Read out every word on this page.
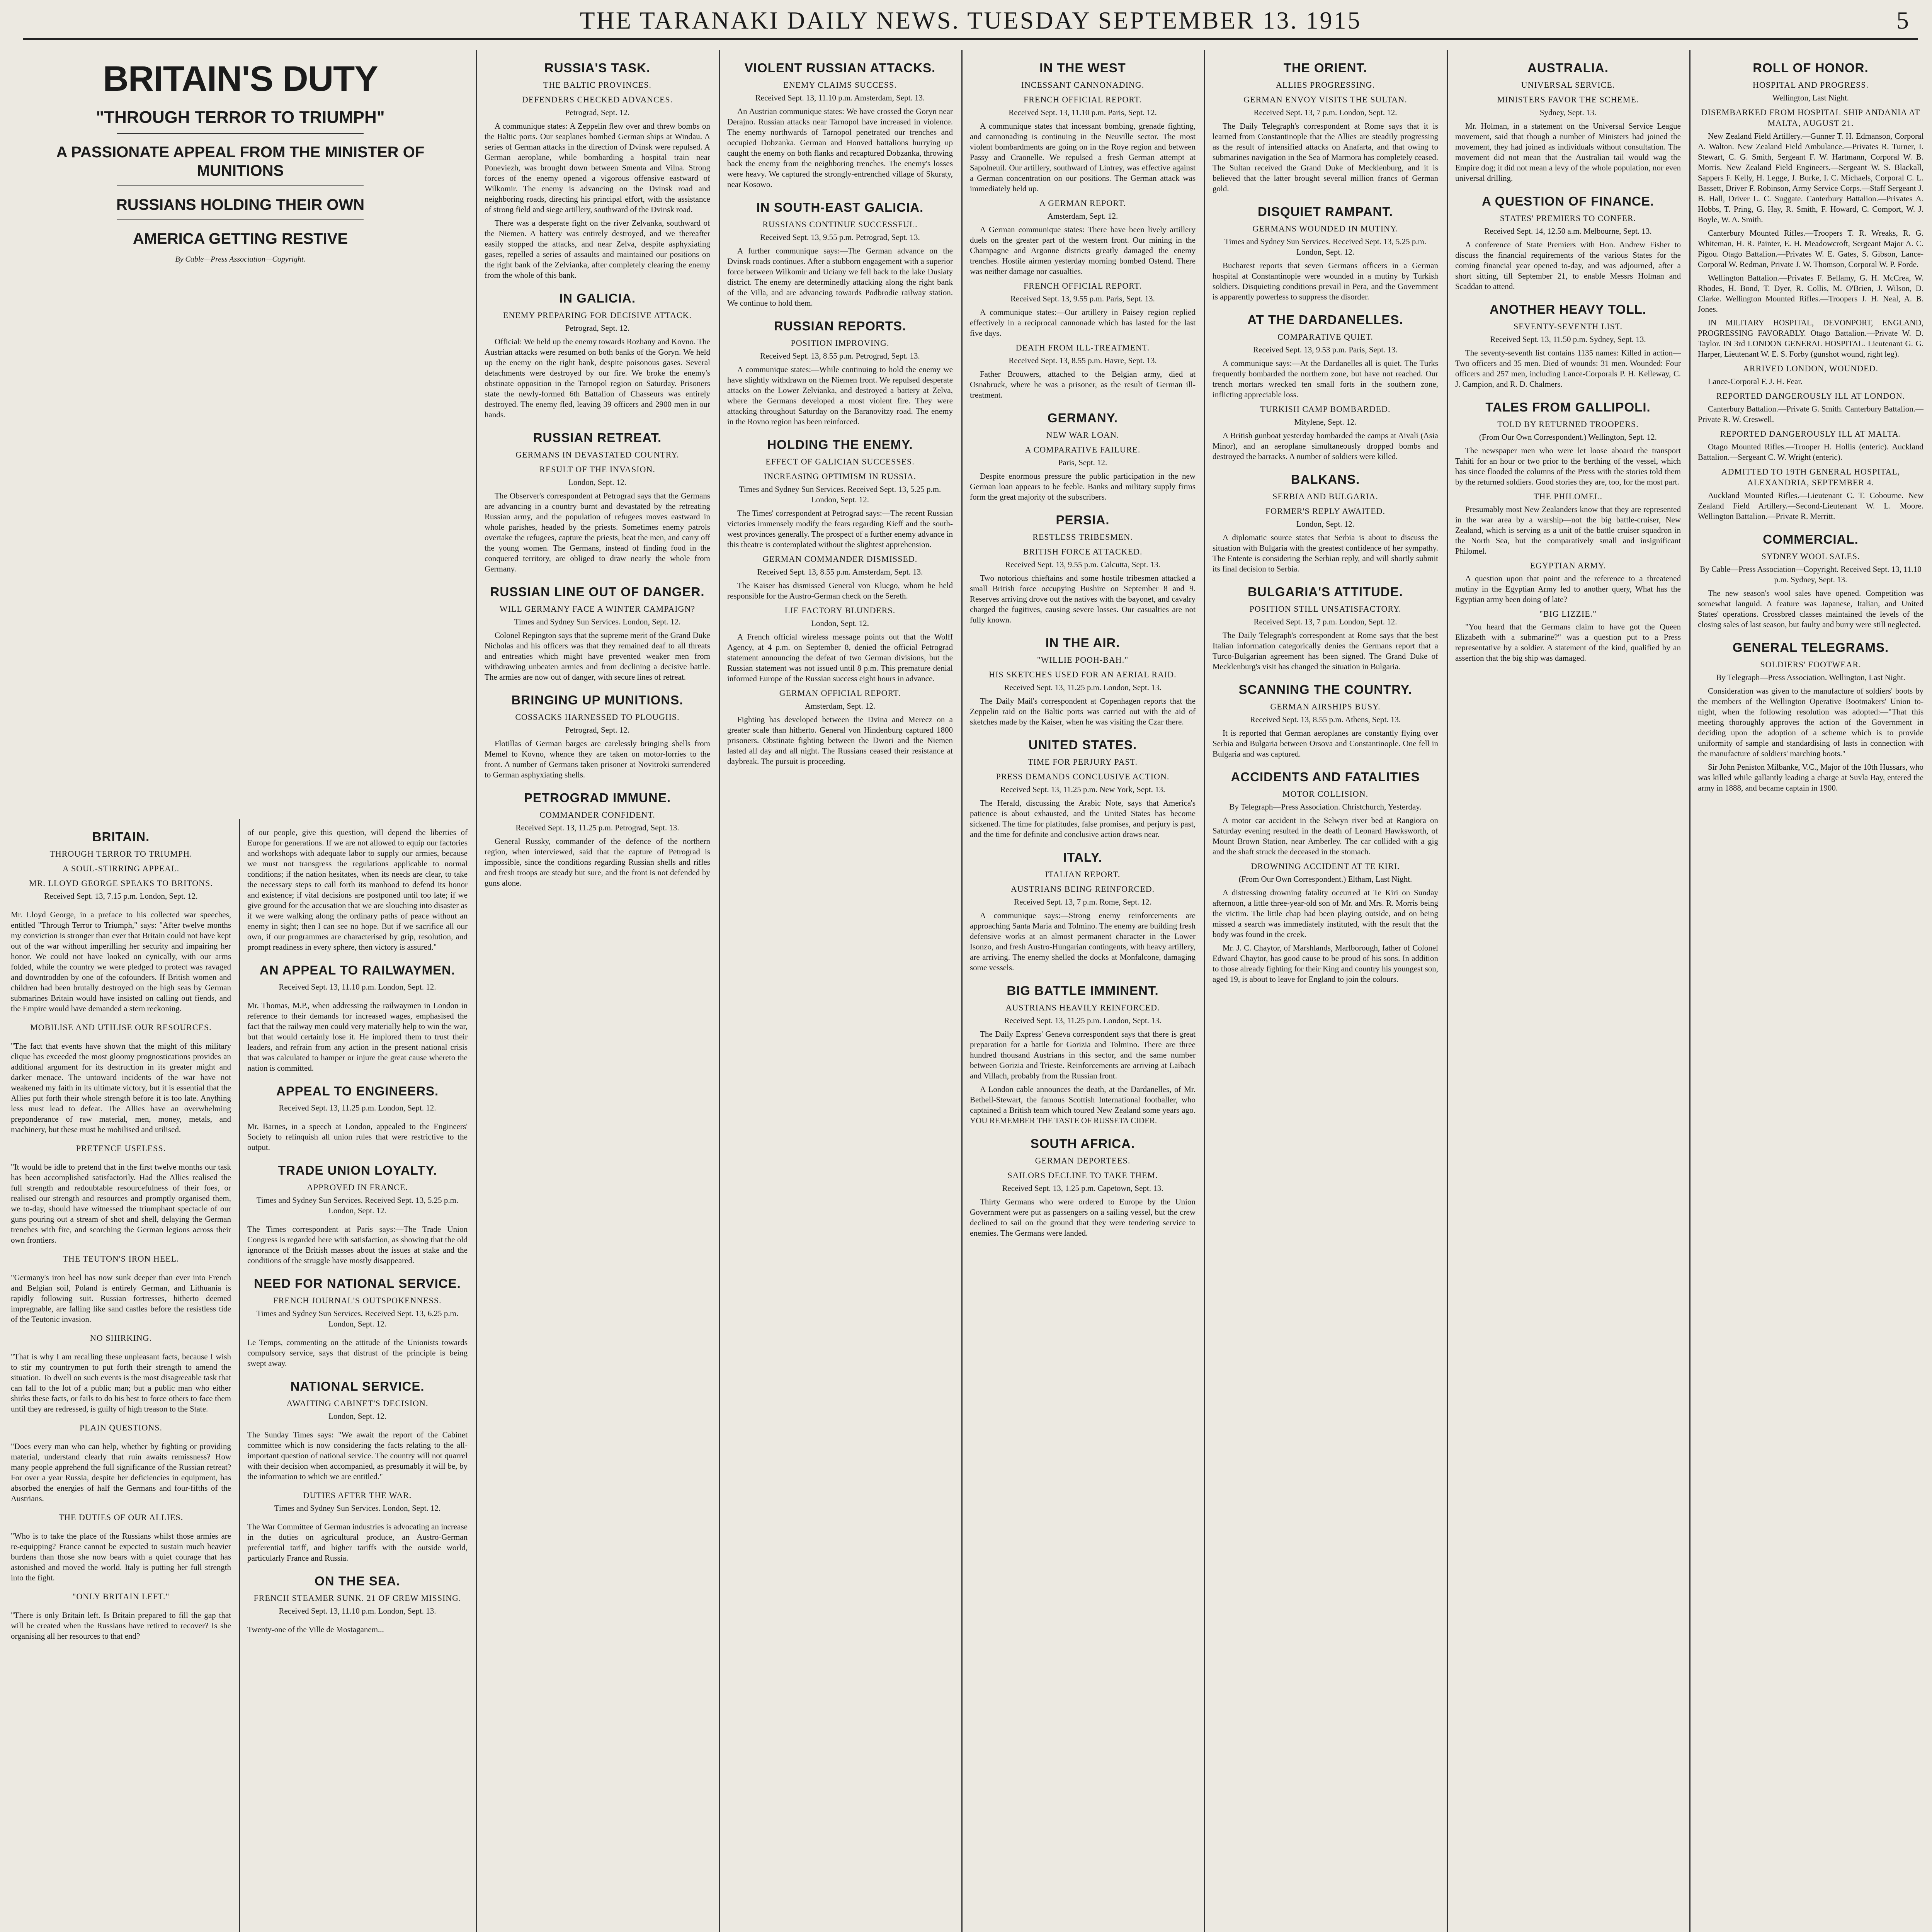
THE TARANAKI DAILY NEWS. TUESDAY SEPTEMBER 13. 1915	5
BRITAIN'S DUTY
"THROUGH TERROR TO TRIUMPH"
A PASSIONATE APPEAL FROM THE MINISTER OF MUNITIONS
RUSSIANS HOLDING THEIR OWN
AMERICA GETTING RESTIVE
By Cable—Press Association—Copyright.
BRITAIN.
THROUGH TERROR TO TRIUMPH.
A SOUL-STIRRING APPEAL.
MR. LLOYD GEORGE SPEAKS TO BRITONS.
Received Sept. 13, 7.15 p.m. London, Sept. 12.

Mr. Lloyd George, in a preface to his collected war speeches, entitled "Through Terror to Triumph," says: "After twelve months my conviction is stronger than ever that Britain could not have kept out of the war without imperilling her security and impairing her honor. We could not have looked on cynically, with our arms folded, while the country we were pledged to protect was ravaged and downtrodden by one of the cofounders. If British women and children had been brutally destroyed on the high seas by German submarines Britain would have insisted on calling out fiends, and the Empire would have demanded a stern reckoning.

MOBILISE AND UTILISE OUR RESOURCES.

"The fact that events have shown that the might of this military clique has exceeded the most gloomy prognostications provides an additional argument for its destruction in its greater might and darker menace. The untoward incidents of the war have not weakened my faith in its ultimate victory, but it is essential that the Allies put forth their whole strength before it is too late. Anything less must lead to defeat. The Allies have an overwhelming preponderance of raw material, men, money, metals, and machinery, but these must be mobilised and utilised.

PRETENCE USELESS.

"It would be idle to pretend that in the first twelve months our task has been accomplished satisfactorily. Had the Allies realised the full strength and redoubtable resourcefulness of their foes, or realised our strength and resources and promptly organised them, we to-day, should have witnessed the triumphant spectacle of our guns pouring out a stream of shot and shell, delaying the German trenches with fire, and scorching the German legions across their own frontiers.

THE TEUTON'S IRON HEEL.

"Germany's iron heel has now sunk deeper than ever into French and Belgian soil, Poland is entirely German, and Lithuania is rapidly following suit. Russian fortresses, hitherto deemed impregnable, are falling like sand castles before the resistless tide of the Teutonic invasion.

NO SHIRKING.

"That is why I am recalling these unpleasant facts, because I wish to stir my countrymen to put forth their strength to amend the situation. To dwell on such events is the most disagreeable task that can fall to the lot of a public man; but a public man who either shirks these facts, or fails to do his best to force others to face them until they are redressed, is guilty of high treason to the State.

PLAIN QUESTIONS.

"Does every man who can help, whether by fighting or providing material, understand clearly that ruin awaits remissness? How many people apprehend the full significance of the Russian retreat? For over a year Russia, despite her deficiencies in equipment, has absorbed the energies of half the Germans and four-fifths of the Austrians.

THE DUTIES OF OUR ALLIES.

"Who is to take the place of the Russians whilst those armies are re-equipping? France cannot be expected to sustain much heavier burdens than those she now bears with a quiet courage that has astonished and moved the world. Italy is putting her full strength into the fight.

"ONLY BRITAIN LEFT."

"There is only Britain left. Is Britain prepared to fill the gap that will be created when the Russians have retired to recover? Is she organising all her resources to that end?

of our people, give this question, will depend the liberties of Europe for generations. If we are not allowed to equip our factories and workshops with adequate labor to supply our armies, because we must not transgress the regulations applicable to normal conditions; if the nation hesitates, when its needs are clear, to take the necessary steps to call forth its manhood to defend its honor and existence; if vital decisions are postponed until too late; if we give ground for the accusation that we are slouching into disaster as if we were walking along the ordinary paths of peace without an enemy in sight; then I can see no hope. But if we sacrifice all our own, if our programmes are characterised by grip, resolution, and prompt readiness in every sphere, then victory is assured."

AN APPEAL TO RAILWAYMEN.
Received Sept. 13, 11.10 p.m. London, Sept. 12.

Mr. Thomas, M.P., when addressing the railwaymen in London in reference to their demands for increased wages, emphasised the fact that the railway men could very materially help to win the war, but that would certainly lose it. He implored them to trust their leaders, and refrain from any action in the present national crisis that was calculated to hamper or injure the great cause whereto the nation is committed.

APPEAL TO ENGINEERS.
Received Sept. 13, 11.25 p.m. London, Sept. 12.

Mr. Barnes, in a speech at London, appealed to the Engineers' Society to relinquish all union rules that were restrictive to the output.

TRADE UNION LOYALTY.
APPROVED IN FRANCE.
Times and Sydney Sun Services. Received Sept. 13, 5.25 p.m. London, Sept. 12.

The Times correspondent at Paris says:—The Trade Union Congress is regarded here with satisfaction, as showing that the old ignorance of the British masses about the issues at stake and the conditions of the struggle have mostly disappeared.

NEED FOR NATIONAL SERVICE.
FRENCH JOURNAL'S OUTSPOKENNESS.
Times and Sydney Sun Services. Received Sept. 13, 6.25 p.m. London, Sept. 12.

Le Temps, commenting on the attitude of the Unionists towards compulsory service, says that distrust of the principle is being swept away.

NATIONAL SERVICE.
AWAITING CABINET'S DECISION.
London, Sept. 12.

The Sunday Times says: "We await the report of the Cabinet committee which is now considering the facts relating to the all-important question of national service. The country will not quarrel with their decision when accompanied, as presumably it will be, by the information to which we are entitled."

DUTIES AFTER THE WAR.
Times and Sydney Sun Services. London, Sept. 12.

The War Committee of German industries is advocating an increase in the duties on agricultural produce, an Austro-German preferential tariff, and higher tariffs with the outside world, particularly France and Russia.

ON THE SEA.
FRENCH STEAMER SUNK. 21 OF CREW MISSING.
Received Sept. 13, 11.10 p.m. London, Sept. 13.

Twenty-one of the Ville de Mostaganem...

RUSSIA'S TASK.
THE BALTIC PROVINCES.
DEFENDERS CHECKED ADVANCES.
Petrograd, Sept. 12.

A communique states: A Zeppelin flew over and threw bombs on the Baltic ports. Our seaplanes bombed German ships at Windau. A series of German attacks in the direction of Dvinsk were repulsed. A German aeroplane, while bombarding a hospital train near Poneviezh, was brought down between Smenta and Vilna. Strong forces of the enemy opened a vigorous offensive eastward of Wilkomir. The enemy is advancing on the Dvinsk road and neighboring roads, directing his principal effort, with the assistance of strong field and siege artillery, southward of the Dvinsk road.

There was a desperate fight on the river Zelvanka, southward of the Niemen. A battery was entirely destroyed, and we thereafter easily stopped the attacks, and near Zelva, despite asphyxiating gases, repelled a series of assaults and maintained our positions on the right bank of the Zelvianka, after completely clearing the enemy from the whole of this bank.

IN GALICIA.
ENEMY PREPARING FOR DECISIVE ATTACK.
Petrograd, Sept. 12.

Official: We held up the enemy towards Rozhany and Kovno. The Austrian attacks were resumed on both banks of the Goryn. We held up the enemy on the right bank, despite poisonous gases. Several detachments were destroyed by our fire. We broke the enemy's obstinate opposition in the Tarnopol region on Saturday. Prisoners state the newly-formed 6th Battalion of Chasseurs was entirely destroyed. The enemy fled, leaving 39 officers and 2900 men in our hands.

RUSSIAN RETREAT.
GERMANS IN DEVASTATED COUNTRY.
RESULT OF THE INVASION.
London, Sept. 12.

The Observer's correspondent at Petrograd says that the Germans are advancing in a country burnt and devastated by the retreating Russian army, and the population of refugees moves eastward in whole parishes, headed by the priests. Sometimes enemy patrols overtake the refugees, capture the priests, beat the men, and carry off the young women. The Germans, instead of finding food in the conquered territory, are obliged to draw nearly the whole from Germany.

RUSSIAN LINE OUT OF DANGER.
WILL GERMANY FACE A WINTER CAMPAIGN?
Times and Sydney Sun Services. London, Sept. 12.

Colonel Repington says that the supreme merit of the Grand Duke Nicholas and his officers was that they remained deaf to all threats and entreaties which might have prevented weaker men from withdrawing unbeaten armies and from declining a decisive battle. The armies are now out of danger, with secure lines of retreat.

BRINGING UP MUNITIONS.
COSSACKS HARNESSED TO PLOUGHS.
Petrograd, Sept. 12.

Flotillas of German barges are carelessly bringing shells from Memel to Kovno, whence they are taken on motor-lorries to the front. A number of Germans taken prisoner at Novitroki surrendered to German asphyxiating shells.

PETROGRAD IMMUNE.
COMMANDER CONFIDENT.
Received Sept. 13, 11.25 p.m. Petrograd, Sept. 13.

General Russky, commander of the defence of the northern region, when interviewed, said that the capture of Petrograd is impossible, since the conditions regarding Russian shells and rifles and fresh troops are steady but sure, and the front is not defended by guns alone.

VIOLENT RUSSIAN ATTACKS.
ENEMY CLAIMS SUCCESS.
Received Sept. 13, 11.10 p.m. Amsterdam, Sept. 13.

An Austrian communique states: We have crossed the Goryn near Derajno. Russian attacks near Tarnopol have increased in violence. The enemy northwards of Tarnopol penetrated our trenches and occupied Dobzanka. German and Honved battalions hurrying up caught the enemy on both flanks and recaptured Dobzanka, throwing back the enemy from the neighboring trenches. The enemy's losses were heavy. We captured the strongly-entrenched village of Skuraty, near Kosowo.

IN SOUTH-EAST GALICIA.
RUSSIANS CONTINUE SUCCESSFUL.
Received Sept. 13, 9.55 p.m. Petrograd, Sept. 13.

A further communique says:—The German advance on the Dvinsk roads continues. After a stubborn engagement with a superior force between Wilkomir and Uciany we fell back to the lake Dusiaty district. The enemy are determinedly attacking along the right bank of the Villa, and are advancing towards Podbrodie railway station. We continue to hold them.

RUSSIAN REPORTS.
POSITION IMPROVING.
Received Sept. 13, 8.55 p.m. Petrograd, Sept. 13.

A communique states:—While continuing to hold the enemy we have slightly withdrawn on the Niemen front. We repulsed desperate attacks on the Lower Zelvianka, and destroyed a battery at Zelva, where the Germans developed a most violent fire. They were attacking throughout Saturday on the Baranovitzy road. The enemy in the Rovno region has been reinforced.

HOLDING THE ENEMY.
EFFECT OF GALICIAN SUCCESSES.
INCREASING OPTIMISM IN RUSSIA.
Times and Sydney Sun Services. Received Sept. 13, 5.25 p.m. London, Sept. 12.

The Times' correspondent at Petrograd says:—The recent Russian victories immensely modify the fears regarding Kieff and the south-west provinces generally. The prospect of a further enemy advance in this theatre is contemplated without the slightest apprehension.

GERMAN COMMANDER DISMISSED.
Received Sept. 13, 8.55 p.m. Amsterdam, Sept. 13.

The Kaiser has dismissed General von Kluego, whom he held responsible for the Austro-German check on the Sereth.

LIE FACTORY BLUNDERS.
London, Sept. 12.

A French official wireless message points out that the Wolff Agency, at 4 p.m. on September 8, denied the official Petrograd statement announcing the defeat of two German divisions, but the Russian statement was not issued until 8 p.m. This premature denial informed Europe of the Russian success eight hours in advance.

GERMAN OFFICIAL REPORT.
Amsterdam, Sept. 12.

Fighting has developed between the Dvina and Merecz on a greater scale than hitherto. General von Hindenburg captured 1800 prisoners. Obstinate fighting between the Dwori and the Niemen lasted all day and all night. The Russians ceased their resistance at daybreak. The pursuit is proceeding.

IN THE WEST
INCESSANT CANNONADING.
FRENCH OFFICIAL REPORT.
Received Sept. 13, 11.10 p.m. Paris, Sept. 12.

A communique states that incessant bombing, grenade fighting, and cannonading is continuing in the Neuville sector. The most violent bombardments are going on in the Roye region and between Passy and Craonelle. We repulsed a fresh German attempt at Sapolneuil. Our artillery, southward of Lintrey, was effective against a German concentration on our positions. The German attack was immediately held up.

A GERMAN REPORT.
Amsterdam, Sept. 12.

A German communique states: There have been lively artillery duels on the greater part of the western front. Our mining in the Champagne and Argonne districts greatly damaged the enemy trenches. Hostile airmen yesterday morning bombed Ostend. There was neither damage nor casualties.

FRENCH OFFICIAL REPORT.
Received Sept. 13, 9.55 p.m. Paris, Sept. 13.

A communique states:—Our artillery in Paisey region replied effectively in a reciprocal cannonade which has lasted for the last five days.

DEATH FROM ILL-TREATMENT.
Received Sept. 13, 8.55 p.m. Havre, Sept. 13.

Father Brouwers, attached to the Belgian army, died at Osnabruck, where he was a prisoner, as the result of German ill-treatment.

GERMANY.
NEW WAR LOAN.
A COMPARATIVE FAILURE.
Paris, Sept. 12.

Despite enormous pressure the public participation in the new German loan appears to be feeble. Banks and military supply firms form the great majority of the subscribers.

PERSIA.
RESTLESS TRIBESMEN.
BRITISH FORCE ATTACKED.
Received Sept. 13, 9.55 p.m. Calcutta, Sept. 13.

Two notorious chieftains and some hostile tribesmen attacked a small British force occupying Bushire on September 8 and 9. Reserves arriving drove out the natives with the bayonet, and cavalry charged the fugitives, causing severe losses. Our casualties are not fully known.

IN THE AIR.
"WILLIE POOH-BAH."
HIS SKETCHES USED FOR AN AERIAL RAID.
Received Sept. 13, 11.25 p.m. London, Sept. 13.

The Daily Mail's correspondent at Copenhagen reports that the Zeppelin raid on the Baltic ports was carried out with the aid of sketches made by the Kaiser, when he was visiting the Czar there.

UNITED STATES.
TIME FOR PERJURY PAST.
PRESS DEMANDS CONCLUSIVE ACTION.
Received Sept. 13, 11.25 p.m. New York, Sept. 13.

The Herald, discussing the Arabic Note, says that America's patience is about exhausted, and the United States has become sickened. The time for platitudes, false promises, and perjury is past, and the time for definite and conclusive action draws near.

ITALY.
ITALIAN REPORT.
AUSTRIANS BEING REINFORCED.
Received Sept. 13, 7 p.m. Rome, Sept. 12.

A communique says:—Strong enemy reinforcements are approaching Santa Maria and Tolmino. The enemy are building fresh defensive works at an almost permanent character in the Lower Isonzo, and fresh Austro-Hungarian contingents, with heavy artillery, are arriving. The enemy shelled the docks at Monfalcone, damaging some vessels.

BIG BATTLE IMMINENT.
AUSTRIANS HEAVILY REINFORCED.
Received Sept. 13, 11.25 p.m. London, Sept. 13.

The Daily Express' Geneva correspondent says that there is great preparation for a battle for Gorizia and Tolmino. There are three hundred thousand Austrians in this sector, and the same number between Gorizia and Trieste. Reinforcements are arriving at Laibach and Villach, probably from the Russian front.

A London cable announces the death, at the Dardanelles, of Mr. Bethell-Stewart, the famous Scottish International footballer, who captained a British team which toured New Zealand some years ago. YOU REMEMBER THE TASTE OF RUSSETA CIDER.

SOUTH AFRICA.
GERMAN DEPORTEES.
SAILORS DECLINE TO TAKE THEM.
Received Sept. 13, 1.25 p.m. Capetown, Sept. 13.

Thirty Germans who were ordered to Europe by the Union Government were put as passengers on a sailing vessel, but the crew declined to sail on the ground that they were tendering service to enemies. The Germans were landed.

THE ORIENT.
ALLIES PROGRESSING.
GERMAN ENVOY VISITS THE SULTAN.
Received Sept. 13, 7 p.m. London, Sept. 12.

The Daily Telegraph's correspondent at Rome says that it is learned from Constantinople that the Allies are steadily progressing as the result of intensified attacks on Anafarta, and that owing to submarines navigation in the Sea of Marmora has completely ceased. The Sultan received the Grand Duke of Mecklenburg, and it is believed that the latter brought several million francs of German gold.

DISQUIET RAMPANT.
GERMANS WOUNDED IN MUTINY.
Times and Sydney Sun Services. Received Sept. 13, 5.25 p.m. London, Sept. 12.

Bucharest reports that seven Germans officers in a German hospital at Constantinople were wounded in a mutiny by Turkish soldiers. Disquieting conditions prevail in Pera, and the Government is apparently powerless to suppress the disorder.

AT THE DARDANELLES.
COMPARATIVE QUIET.
Received Sept. 13, 9.53 p.m. Paris, Sept. 13.

A communique says:—At the Dardanelles all is quiet. The Turks frequently bombarded the northern zone, but have not reached. Our trench mortars wrecked ten small forts in the southern zone, inflicting appreciable loss.

TURKISH CAMP BOMBARDED.
Mitylene, Sept. 12.

A British gunboat yesterday bombarded the camps at Aivali (Asia Minor), and an aeroplane simultaneously dropped bombs and destroyed the barracks. A number of soldiers were killed.

BALKANS.
SERBIA AND BULGARIA.
FORMER'S REPLY AWAITED.
London, Sept. 12.

A diplomatic source states that Serbia is about to discuss the situation with Bulgaria with the greatest confidence of her sympathy. The Entente is considering the Serbian reply, and will shortly submit its final decision to Serbia.

BULGARIA'S ATTITUDE.
POSITION STILL UNSATISFACTORY.
Received Sept. 13, 7 p.m. London, Sept. 12.

The Daily Telegraph's correspondent at Rome says that the best Italian information categorically denies the Germans report that a Turco-Bulgarian agreement has been signed. The Grand Duke of Mecklenburg's visit has changed the situation in Bulgaria.

SCANNING THE COUNTRY.
GERMAN AIRSHIPS BUSY.
Received Sept. 13, 8.55 p.m. Athens, Sept. 13.

It is reported that German aeroplanes are constantly flying over Serbia and Bulgaria between Orsova and Constantinople. One fell in Bulgaria and was captured.

ACCIDENTS AND FATALITIES
MOTOR COLLISION.
By Telegraph—Press Association. Christchurch, Yesterday.

A motor car accident in the Selwyn river bed at Rangiora on Saturday evening resulted in the death of Leonard Hawksworth, of Mount Brown Station, near Amberley. The car collided with a gig and the shaft struck the deceased in the stomach.

DROWNING ACCIDENT AT TE KIRI.
(From Our Own Correspondent.) Eltham, Last Night.

A distressing drowning fatality occurred at Te Kiri on Sunday afternoon, a little three-year-old son of Mr. and Mrs. R. Morris being the victim. The little chap had been playing outside, and on being missed a search was immediately instituted, with the result that the body was found in the creek.

Mr. J. C. Chaytor, of Marshlands, Marlborough, father of Colonel Edward Chaytor, has good cause to be proud of his sons. In addition to those already fighting for their King and country his youngest son, aged 19, is about to leave for England to join the colours.

AUSTRALIA.
UNIVERSAL SERVICE.
MINISTERS FAVOR THE SCHEME.
Sydney, Sept. 13.

Mr. Holman, in a statement on the Universal Service League movement, said that though a number of Ministers had joined the movement, they had joined as individuals without consultation. The movement did not mean that the Australian tail would wag the Empire dog; it did not mean a levy of the whole population, nor even universal drilling.

A QUESTION OF FINANCE.
STATES' PREMIERS TO CONFER.
Received Sept. 14, 12.50 a.m. Melbourne, Sept. 13.

A conference of State Premiers with Hon. Andrew Fisher to discuss the financial requirements of the various States for the coming financial year opened to-day, and was adjourned, after a short sitting, till September 21, to enable Messrs Holman and Scaddan to attend.

ANOTHER HEAVY TOLL.
SEVENTY-SEVENTH LIST.
Received Sept. 13, 11.50 p.m. Sydney, Sept. 13.

The seventy-seventh list contains 1135 names: Killed in action—Two officers and 35 men. Died of wounds: 31 men. Wounded: Four officers and 257 men, including Lance-Corporals P. H. Kelleway, C. J. Campion, and R. D. Chalmers.

TALES FROM GALLIPOLI.
TOLD BY RETURNED TROOPERS.
(From Our Own Correspondent.) Wellington, Sept. 12.

The newspaper men who were let loose aboard the transport Tahiti for an hour or two prior to the berthing of the vessel, which has since flooded the columns of the Press with the stories told them by the returned soldiers. Good stories they are, too, for the most part.

THE PHILOMEL.

Presumably most New Zealanders know that they are represented in the war area by a warship—not the big battle-cruiser, New Zealand, which is serving as a unit of the battle cruiser squadron in the North Sea, but the comparatively small and insignificant Philomel.

EGYPTIAN ARMY.

A question upon that point and the reference to a threatened mutiny in the Egyptian Army led to another query, What has the Egyptian army been doing of late?

"BIG LIZZIE."

"You heard that the Germans claim to have got the Queen Elizabeth with a submarine?" was a question put to a Press representative by a soldier. A statement of the kind, qualified by an assertion that the big ship was damaged.

ROLL OF HONOR.
HOSPITAL AND PROGRESS.
Wellington, Last Night.
DISEMBARKED FROM HOSPITAL SHIP ANDANIA AT MALTA, AUGUST 21.

New Zealand Field Artillery.—Gunner T. H. Edmanson, Corporal A. Walton. New Zealand Field Ambulance.—Privates R. Turner, I. Stewart, C. G. Smith, Sergeant F. W. Hartmann, Corporal W. B. Morris. New Zealand Field Engineers.—Sergeant W. S. Blackall, Sappers F. Kelly, H. Legge, J. Burke, I. C. Michaels, Corporal C. L. Bassett, Driver F. Robinson, Army Service Corps.—Staff Sergeant J. B. Hall, Driver L. C. Suggate. Canterbury Battalion.—Privates A. Hobbs, T. Pring, G. Hay, R. Smith, F. Howard, C. Comport, W. J. Boyle, W. A. Smith.

Canterbury Mounted Rifles.—Troopers T. R. Wreaks, R. G. Whiteman, H. R. Painter, E. H. Meadowcroft, Sergeant Major A. C. Pigou. Otago Battalion.—Privates W. E. Gates, S. Gibson, Lance-Corporal W. Redman, Private J. W. Thomson, Corporal W. P. Forde.

Wellington Battalion.—Privates F. Bellamy, G. H. McCrea, W. Rhodes, H. Bond, T. Dyer, R. Collis, M. O'Brien, J. Wilson, D. Clarke. Wellington Mounted Rifles.—Troopers J. H. Neal, A. B. Jones.

IN MILITARY HOSPITAL, DEVONPORT, ENGLAND, PROGRESSING FAVORABLY. Otago Battalion.—Private W. D. Taylor. IN 3rd LONDON GENERAL HOSPITAL. Lieutenant G. G. Harper, Lieutenant W. E. S. Forby (gunshot wound, right leg).

ARRIVED LONDON, WOUNDED.

Lance-Corporal F. J. H. Fear.

REPORTED DANGEROUSLY ILL AT LONDON.

Canterbury Battalion.—Private G. Smith. Canterbury Battalion.—Private R. W. Creswell.

REPORTED DANGEROUSLY ILL AT MALTA.

Otago Mounted Rifles.—Trooper H. Hollis (enteric). Auckland Battalion.—Sergeant C. W. Wright (enteric).

ADMITTED TO 19TH GENERAL HOSPITAL, ALEXANDRIA, SEPTEMBER 4.

Auckland Mounted Rifles.—Lieutenant C. T. Cobourne. New Zealand Field Artillery.—Second-Lieutenant W. L. Moore. Wellington Battalion.—Private R. Merritt.

COMMERCIAL.
SYDNEY WOOL SALES.
By Cable—Press Association—Copyright. Received Sept. 13, 11.10 p.m. Sydney, Sept. 13.

The new season's wool sales have opened. Competition was somewhat languid. A feature was Japanese, Italian, and United States' operations. Crossbred classes maintained the levels of the closing sales of last season, but faulty and burry were still neglected.

GENERAL TELEGRAMS.
SOLDIERS' FOOTWEAR.
By Telegraph—Press Association. Wellington, Last Night.

Consideration was given to the manufacture of soldiers' boots by the members of the Wellington Operative Bootmakers' Union to-night, when the following resolution was adopted:—"That this meeting thoroughly approves the action of the Government in deciding upon the adoption of a scheme which is to provide uniformity of sample and standardising of lasts in connection with the manufacture of soldiers' marching boots."

Sir John Peniston Milbanke, V.C., Major of the 10th Hussars, who was killed while gallantly leading a charge at Suvla Bay, entered the army in 1888, and became captain in 1900.
